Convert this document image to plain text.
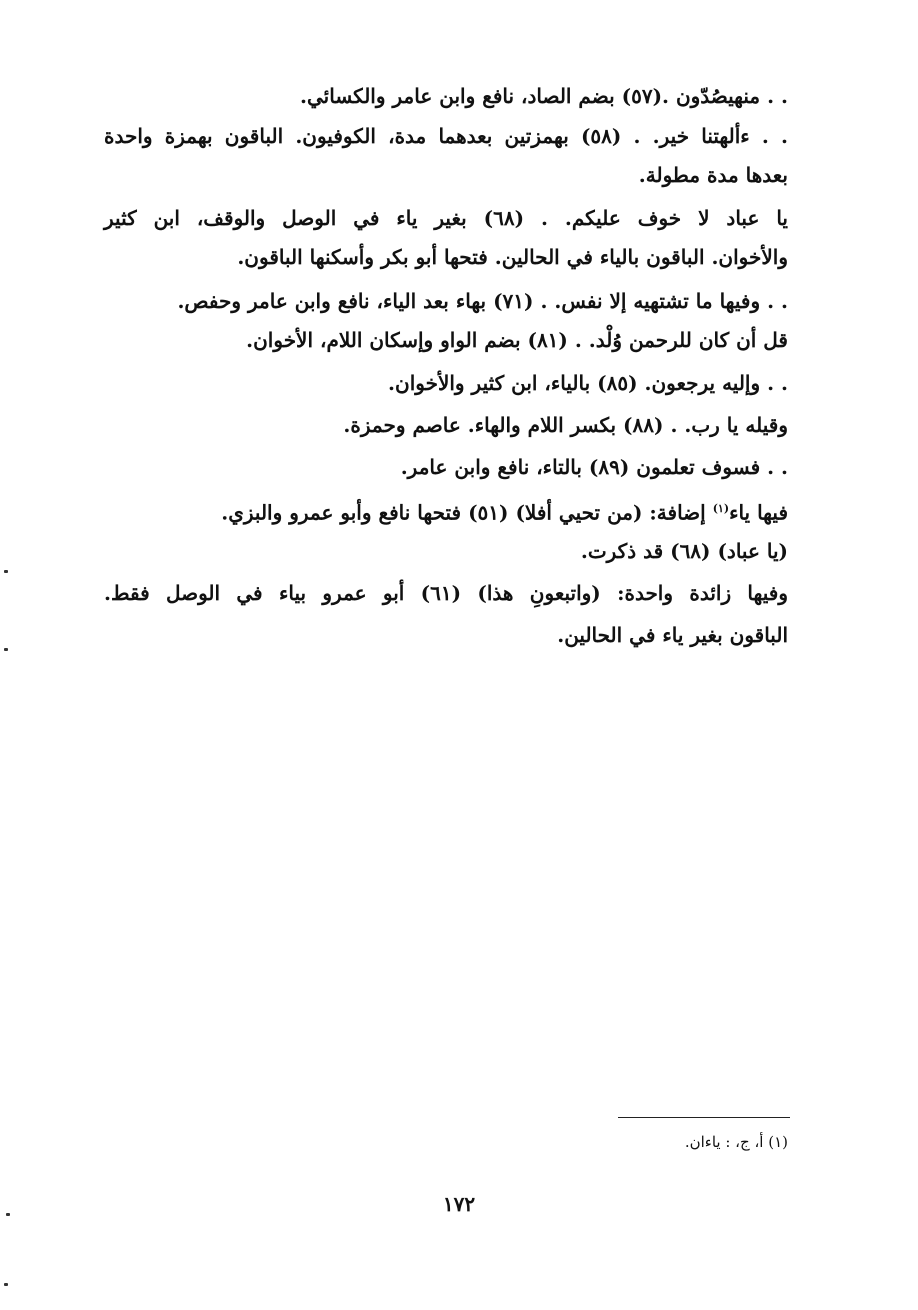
. . منهيصُدّون .(٥٧) بضم الصاد، نافع وابن عامر والكسائي.
. . ءألهتنا خير. . (٥٨) بهمزتين بعدهما مدة، الكوفيون. الباقون بهمزة واحدة
بعدها مدة مطولة.
يا عباد لا خوف عليكم. . (٦٨) بغير ياء في الوصل والوقف، ابن كثير
والأخوان. الباقون بالياء في الحالين. فتحها أبو بكر وأسكنها الباقون.
. . وفيها ما تشتهيه إلا نفس. . (٧١) بهاء بعد الياء، نافع وابن عامر وحفص.
قل أن كان للرحمن وُلْد. . (٨١) بضم الواو وإسكان اللام، الأخوان.
. . وإليه يرجعون. (٨٥) بالياء، ابن كثير والأخوان.
وقيله يا رب. . (٨٨) بكسر اللام والهاء. عاصم وحمزة.
. . فسوف تعلمون (٨٩) بالتاء، نافع وابن عامر.
فيها ياء$^{(١)}$ إضافة: (من تحيي أفلا) (٥١) فتحها نافع وأبو عمرو والبزي.
(يا عباد) (٦٨) قد ذكرت.
وفيها زائدة واحدة: (واتبعونِ هذا) (٦١) أبو عمرو بياء في الوصل فقط.
الباقون بغير ياء في الحالين.
(١) أ، ج، : ياءان.
١٧٢
